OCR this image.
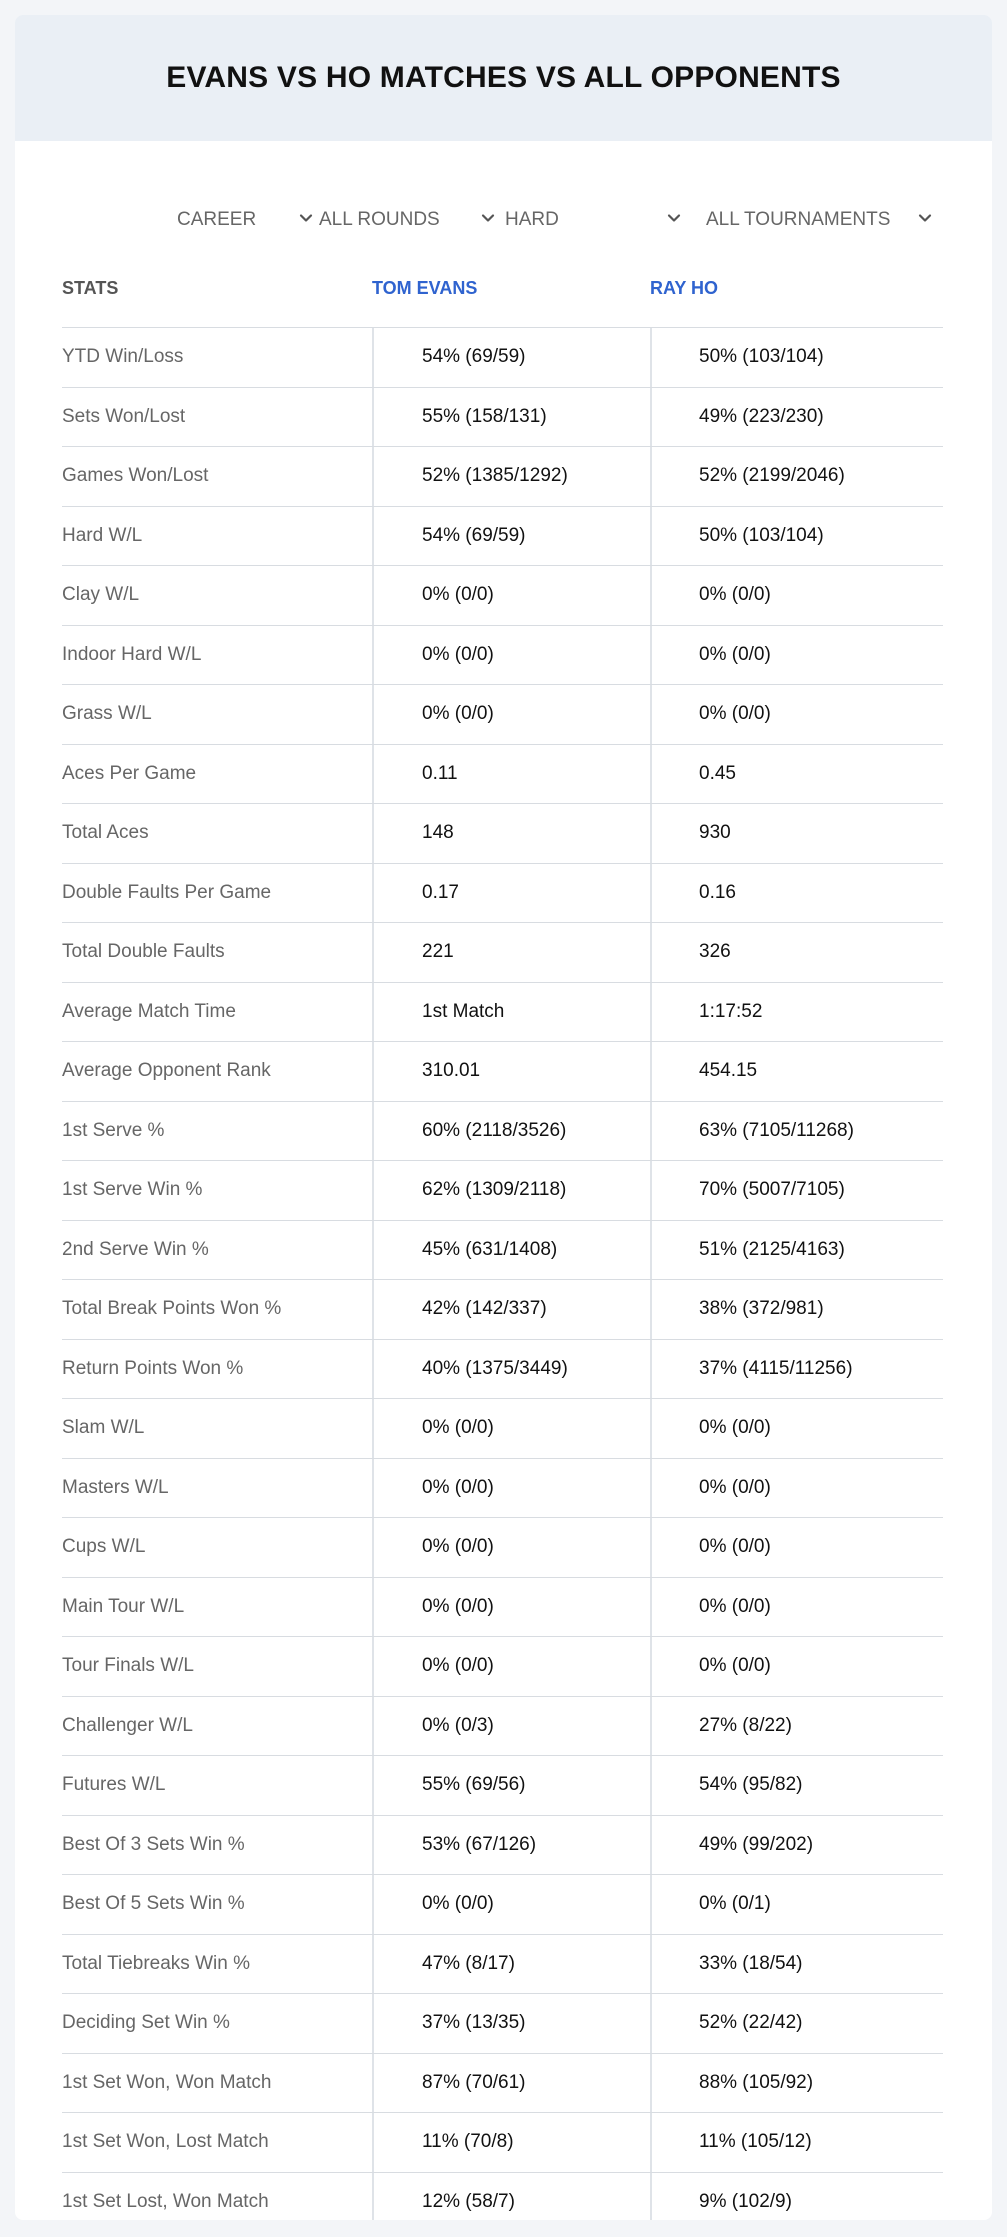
EVANS VS HO MATCHES VS ALL OPPONENTS
CAREER	ALL ROUNDS	HARD	ALL TOURNAMENTS
STATS	TOM EVANS	RAY HO
YTD Win/Loss	54% (69/59)	50% (103/104)
Sets Won/Lost	55% (158/131)	49% (223/230)
Games Won/Lost	52% (1385/1292)	52% (2199/2046)
Hard W/L	54% (69/59)	50% (103/104)
Clay W/L	0% (0/0)	0% (0/0)
Indoor Hard W/L	0% (0/0)	0% (0/0)
Grass W/L	0% (0/0)	0% (0/0)
Aces Per Game	0.11	0.45
Total Aces	148	930
Double Faults Per Game	0.17	0.16
Total Double Faults	221	326
Average Match Time	1st Match	1:17:52
Average Opponent Rank	310.01	454.15
1st Serve %	60% (2118/3526)	63% (7105/11268)
1st Serve Win %	62% (1309/2118)	70% (5007/7105)
2nd Serve Win %	45% (631/1408)	51% (2125/4163)
Total Break Points Won %	42% (142/337)	38% (372/981)
Return Points Won %	40% (1375/3449)	37% (4115/11256)
Slam W/L	0% (0/0)	0% (0/0)
Masters W/L	0% (0/0)	0% (0/0)
Cups W/L	0% (0/0)	0% (0/0)
Main Tour W/L	0% (0/0)	0% (0/0)
Tour Finals W/L	0% (0/0)	0% (0/0)
Challenger W/L	0% (0/3)	27% (8/22)
Futures W/L	55% (69/56)	54% (95/82)
Best Of 3 Sets Win %	53% (67/126)	49% (99/202)
Best Of 5 Sets Win %	0% (0/0)	0% (0/1)
Total Tiebreaks Win %	47% (8/17)	33% (18/54)
Deciding Set Win %	37% (13/35)	52% (22/42)
1st Set Won, Won Match	87% (70/61)	88% (105/92)
1st Set Won, Lost Match	11% (70/8)	11% (105/12)
1st Set Lost, Won Match	12% (58/7)	9% (102/9)
